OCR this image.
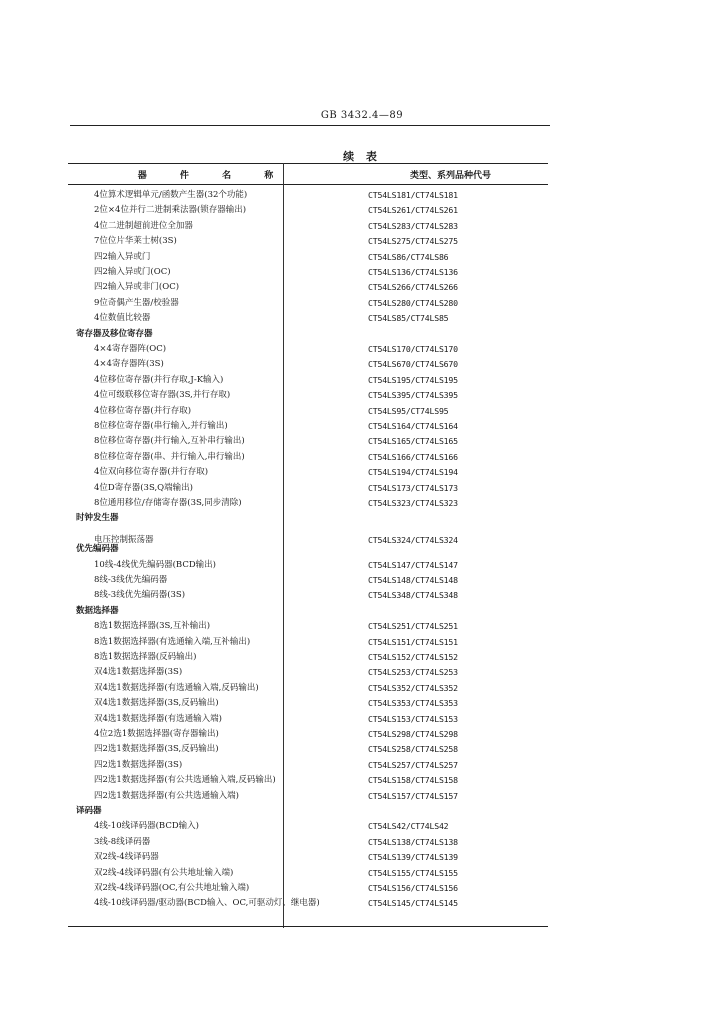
GB 3432.4—89
续 表
器 件 名 称	类型、系列品种代号
4位算术逻辑单元/函数产生器(32个功能)	CT54LS181/CT74LS181
2位×4位并行二进制乘法器(锁存器输出)	CT54LS261/CT74LS261
4位二进制超前进位全加器	CT54LS283/CT74LS283
7位位片华莱士树(3S)	CT54LS275/CT74LS275
四2输入异或门	CT54LS86/CT74LS86
四2输入异或门(OC)	CT54LS136/CT74LS136
四2输入异或非门(OC)	CT54LS266/CT74LS266
9位奇偶产生器/校验器	CT54LS280/CT74LS280
4位数值比较器	CT54LS85/CT74LS85
寄存器及移位寄存器
4×4寄存器阵(OC)	CT54LS170/CT74LS170
4×4寄存器阵(3S)	CT54LS670/CT74LS670
4位移位寄存器(并行存取,J-K输入)	CT54LS195/CT74LS195
4位可级联移位寄存器(3S,并行存取)	CT54LS395/CT74LS395
4位移位寄存器(并行存取)	CT54LS95/CT74LS95
8位移位寄存器(串行输入,并行输出)	CT54LS164/CT74LS164
8位移位寄存器(并行输入,互补串行输出)	CT54LS165/CT74LS165
8位移位寄存器(串、并行输入,串行输出)	CT54LS166/CT74LS166
4位双向移位寄存器(并行存取)	CT54LS194/CT74LS194
4位D寄存器(3S,Q端输出)	CT54LS173/CT74LS173
8位通用移位/存储寄存器(3S,同步清除)	CT54LS323/CT74LS323
时钟发生器
电压控制振荡器	CT54LS324/CT74LS324
优先编码器
10线-4线优先编码器(BCD输出)	CT54LS147/CT74LS147
8线-3线优先编码器	CT54LS148/CT74LS148
8线-3线优先编码器(3S)	CT54LS348/CT74LS348
数据选择器
8选1数据选择器(3S,互补输出)	CT54LS251/CT74LS251
8选1数据选择器(有选通输入端,互补输出)	CT54LS151/CT74LS151
8选1数据选择器(反码输出)	CT54LS152/CT74LS152
双4选1数据选择器(3S)	CT54LS253/CT74LS253
双4选1数据选择器(有选通输入端,反码输出)	CT54LS352/CT74LS352
双4选1数据选择器(3S,反码输出)	CT54LS353/CT74LS353
双4选1数据选择器(有选通输入端)	CT54LS153/CT74LS153
4位2选1数据选择器(寄存器输出)	CT54LS298/CT74LS298
四2选1数据选择器(3S,反码输出)	CT54LS258/CT74LS258
四2选1数据选择器(3S)	CT54LS257/CT74LS257
四2选1数据选择器(有公共选通输入端,反码输出)	CT54LS158/CT74LS158
四2选1数据选择器(有公共选通输入端)	CT54LS157/CT74LS157
译码器
4线-10线译码器(BCD输入)	CT54LS42/CT74LS42
3线-8线译码器	CT54LS138/CT74LS138
双2线-4线译码器	CT54LS139/CT74LS139
双2线-4线译码器(有公共地址输入端)	CT54LS155/CT74LS155
双2线-4线译码器(OC,有公共地址输入端)	CT54LS156/CT74LS156
4线-10线译码器/驱动器(BCD输入、OC,可驱动灯、继电器)	CT54LS145/CT74LS145
